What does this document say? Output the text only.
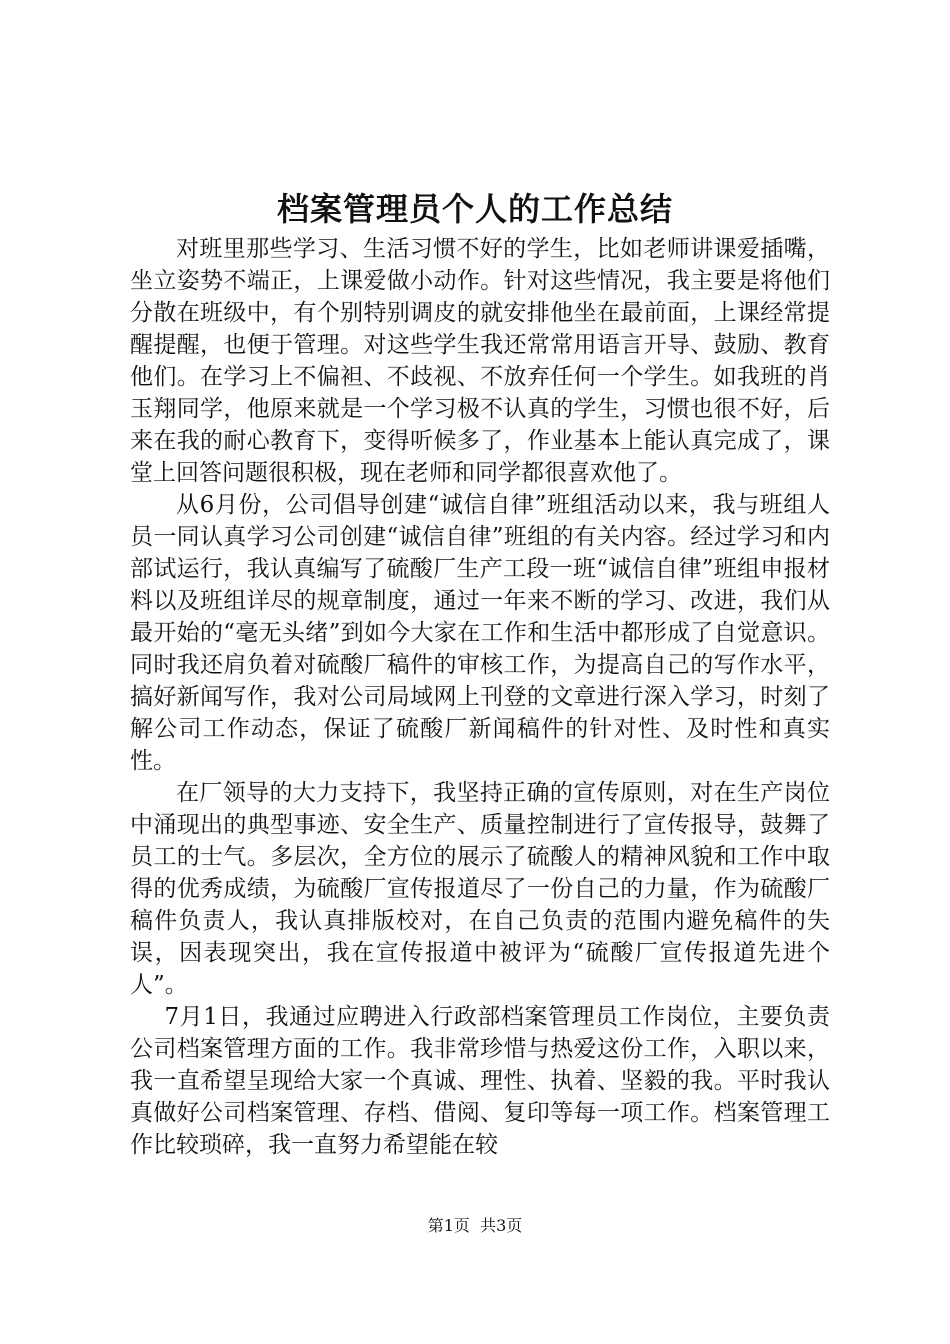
档案管理员个人的工作总结

对班里那些学习、生活习惯不好的学生，比如老师讲课爱插嘴，坐立姿势不端正，上课爱做小动作。针对这些情况，我主要是将他们分散在班级中，有个别特别调皮的就安排他坐在最前面，上课经常提醒提醒，也便于管理。对这些学生我还常常用语言开导、鼓励、教育他们。在学习上不偏袒、不歧视、不放弃任何一个学生。如我班的肖玉翔同学，他原来就是一个学习极不认真的学生，习惯也很不好，后来在我的耐心教育下，变得听候多了，作业基本上能认真完成了，课堂上回答问题很积极，现在老师和同学都很喜欢他了。

从6月份，公司倡导创建“诚信自律”班组活动以来，我与班组人员一同认真学习公司创建“诚信自律”班组的有关内容。经过学习和内部试运行，我认真编写了硫酸厂生产工段一班“诚信自律”班组申报材料以及班组详尽的规章制度，通过一年来不断的学习、改进，我们从最开始的“毫无头绪”到如今大家在工作和生活中都形成了自觉意识。同时我还肩负着对硫酸厂稿件的审核工作，为提高自己的写作水平，搞好新闻写作，我对公司局域网上刊登的文章进行深入学习，时刻了解公司工作动态，保证了硫酸厂新闻稿件的针对性、及时性和真实性。

在厂领导的大力支持下，我坚持正确的宣传原则，对在生产岗位中涌现出的典型事迹、安全生产、质量控制进行了宣传报导，鼓舞了员工的士气。多层次，全方位的展示了硫酸人的精神风貌和工作中取得的优秀成绩，为硫酸厂宣传报道尽了一份自己的力量，作为硫酸厂稿件负责人，我认真排版校对，在自己负责的范围内避免稿件的失误，因表现突出，我在宣传报道中被评为“硫酸厂宣传报道先进个人”。

7月1日，我通过应聘进入行政部档案管理员工作岗位，主要负责公司档案管理方面的工作。我非常珍惜与热爱这份工作，入职以来，我一直希望呈现给大家一个真诚、理性、执着、坚毅的我。平时我认真做好公司档案管理、存档、借阅、复印等每一项工作。档案管理工作比较琐碎，我一直努力希望能在较

第1页  共3页
